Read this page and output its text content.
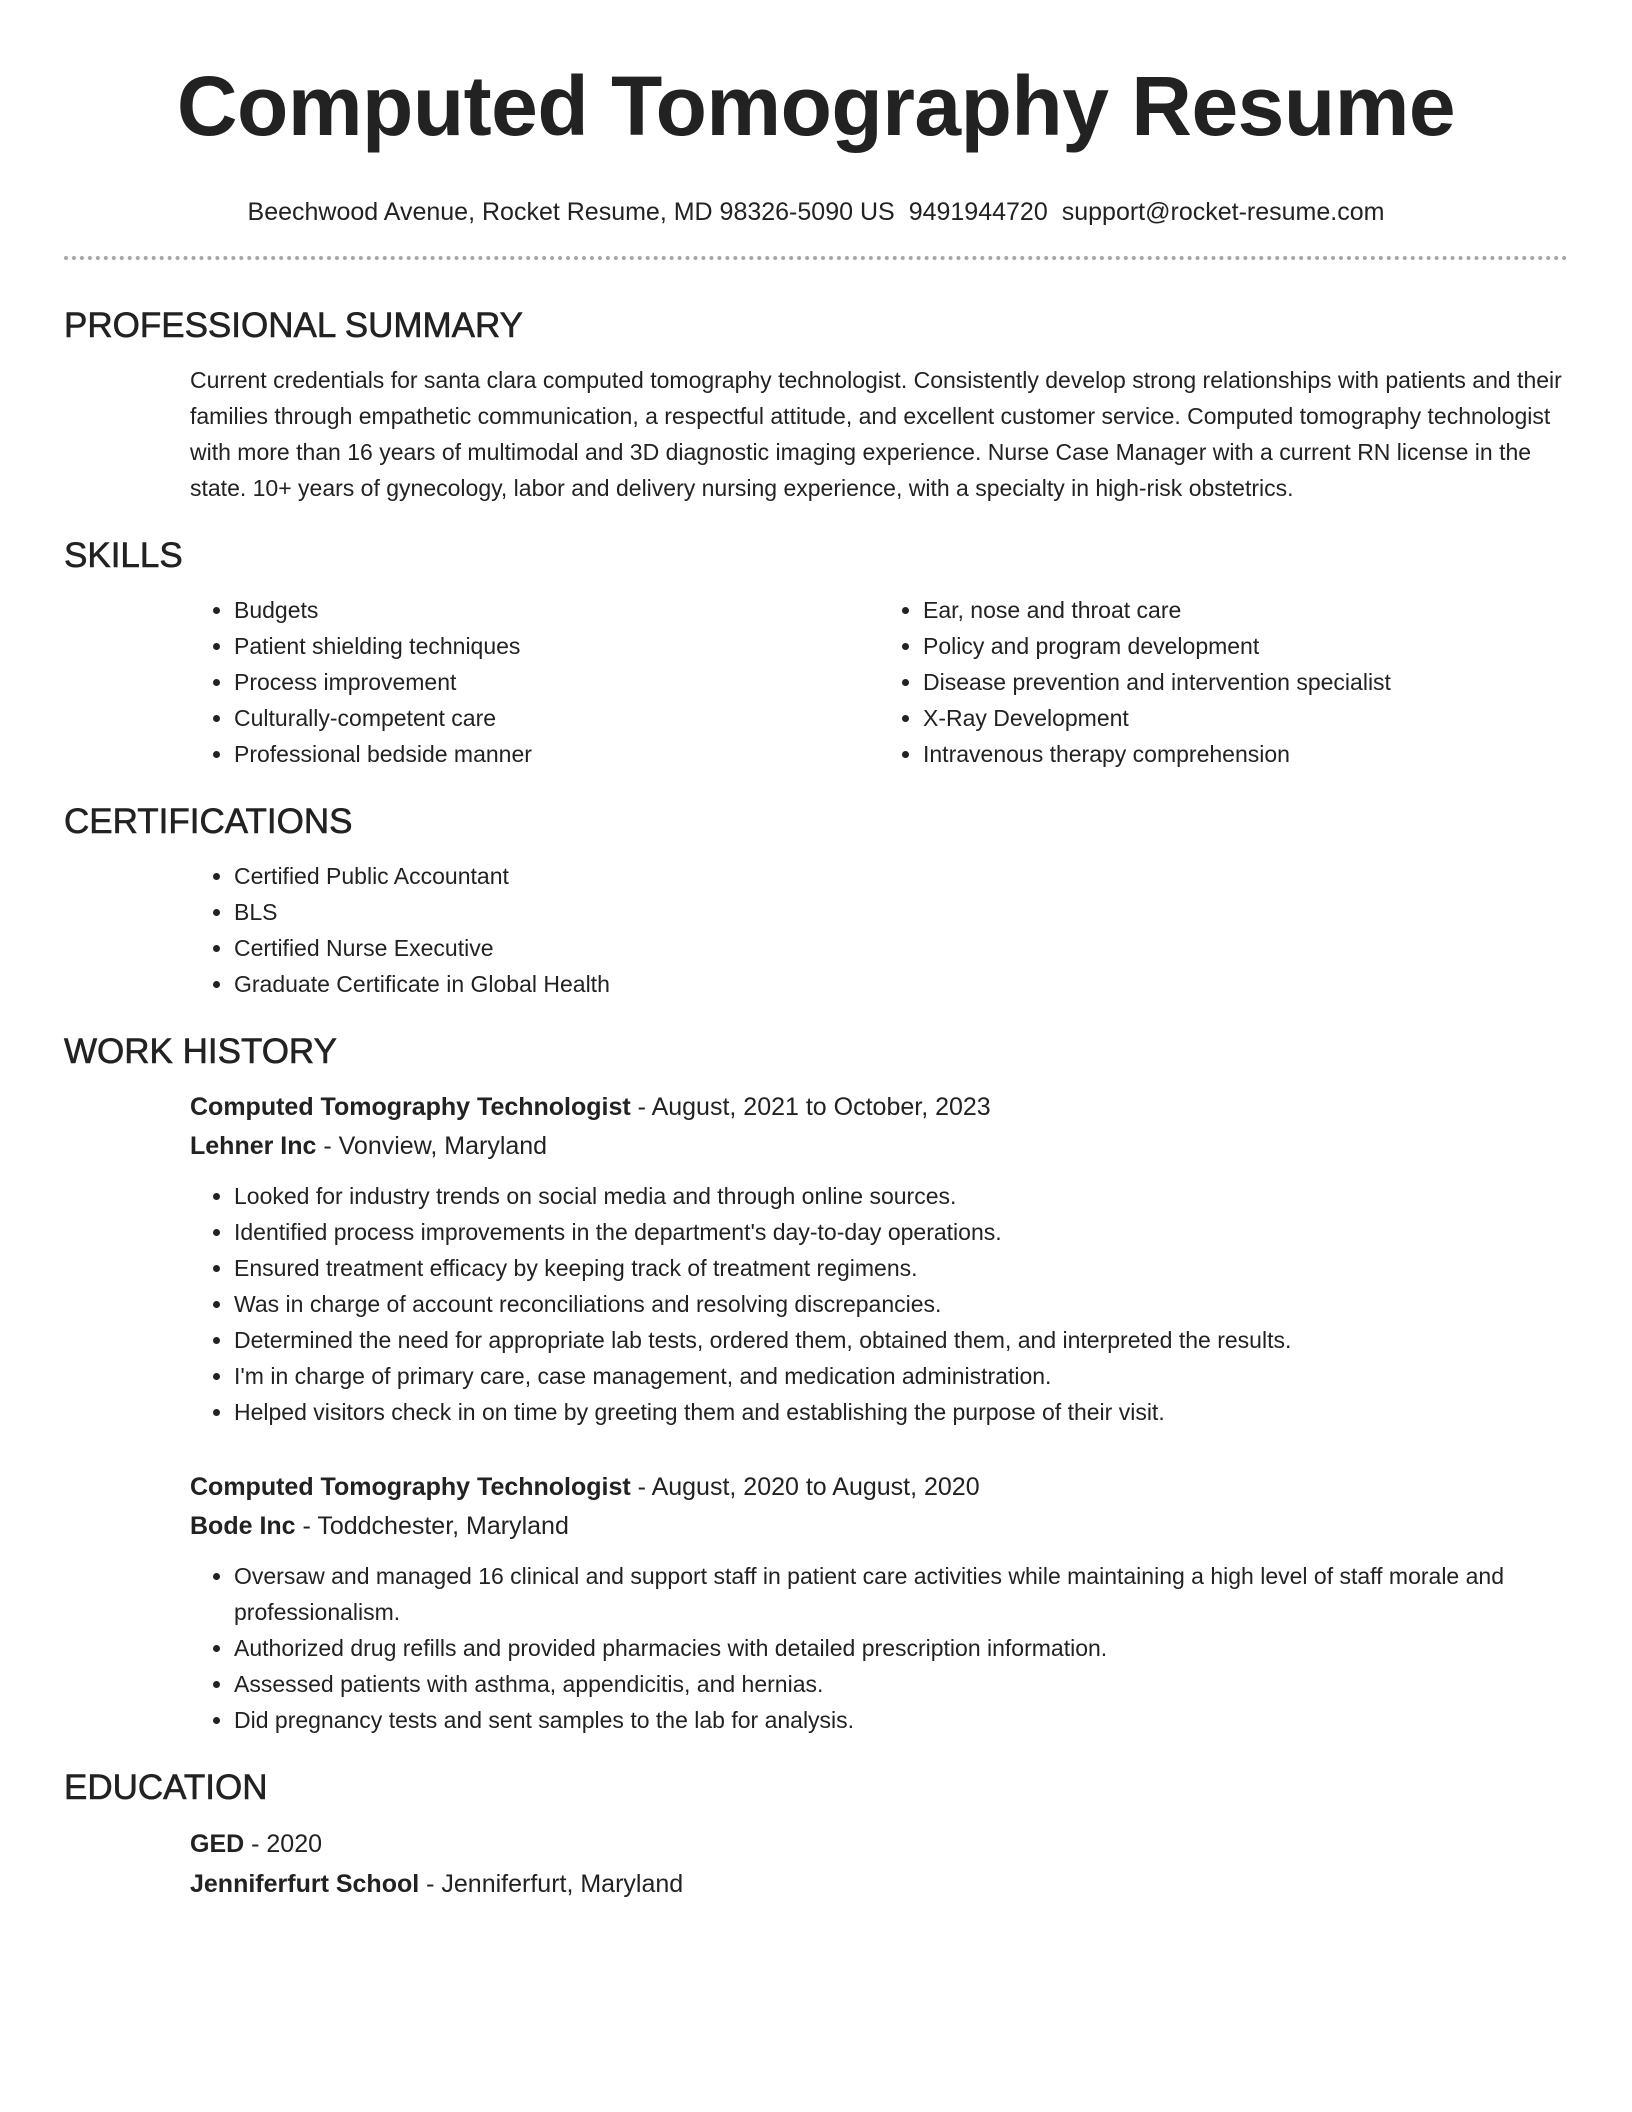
Computed Tomography Resume
Beechwood Avenue, Rocket Resume, MD 98326-5090 US 9491944720 support@rocket-resume.com
PROFESSIONAL SUMMARY

Current credentials for santa clara computed tomography technologist. Consistently develop strong relationships with patients and their families through empathetic communication, a respectful attitude, and excellent customer service. Computed tomography technologist with more than 16 years of multimodal and 3D diagnostic imaging experience. Nurse Case Manager with a current RN license in the state. 10+ years of gynecology, labor and delivery nursing experience, with a specialty in high-risk obstetrics.

SKILLS
• Budgets
• Patient shielding techniques
• Process improvement
• Culturally-competent care
• Professional bedside manner
• Ear, nose and throat care
• Policy and program development
• Disease prevention and intervention specialist
• X-Ray Development
• Intravenous therapy comprehension
CERTIFICATIONS
• Certified Public Accountant
• BLS
• Certified Nurse Executive
• Graduate Certificate in Global Health
WORK HISTORY

Computed Tomography Technologist - August, 2021 to October, 2023

Lehner Inc - Vonview, Maryland

• Looked for industry trends on social media and through online sources.
• Identified process improvements in the department's day-to-day operations.
• Ensured treatment efficacy by keeping track of treatment regimens.
• Was in charge of account reconciliations and resolving discrepancies.
• Determined the need for appropriate lab tests, ordered them, obtained them, and interpreted the results.
• I'm in charge of primary care, case management, and medication administration.
• Helped visitors check in on time by greeting them and establishing the purpose of their visit.

Computed Tomography Technologist - August, 2020 to August, 2020

Bode Inc - Toddchester, Maryland

• Oversaw and managed 16 clinical and support staff in patient care activities while maintaining a high level of staff morale and professionalism.
• Authorized drug refills and provided pharmacies with detailed prescription information.
• Assessed patients with asthma, appendicitis, and hernias.
• Did pregnancy tests and sent samples to the lab for analysis.
EDUCATION

GED - 2020

Jenniferfurt School - Jenniferfurt, Maryland
